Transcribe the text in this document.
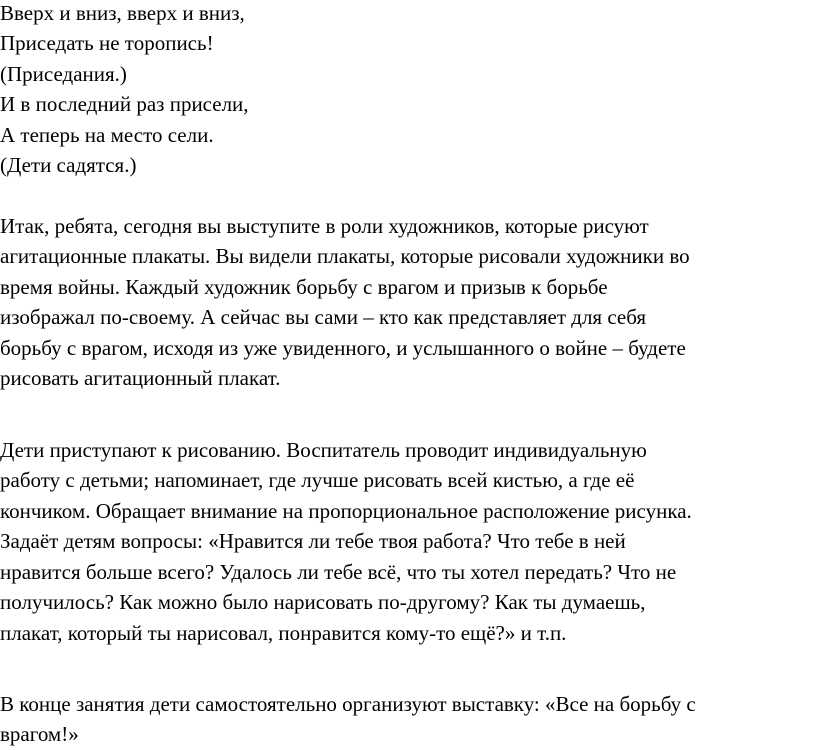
Вверх и вниз, вверх и вниз,
Приседать не торопись!
(Приседания.)
И в последний раз присели,
А теперь на место сели.
(Дети садятся.)
Итак, ребята, сегодня вы выступите в роли художников, которые рисуют
агитационные плакаты. Вы видели плакаты, которые рисовали художники во
время войны. Каждый художник борьбу с врагом и призыв к борьбе
изображал по-своему. А сейчас вы сами – кто как представляет для себя
борьбу с врагом, исходя из уже увиденного, и услышанного о войне – будете
рисовать агитационный плакат.
Дети приступают к рисованию. Воспитатель проводит индивидуальную
работу с детьми; напоминает, где лучше рисовать всей кистью, а где её
кончиком. Обращает внимание на пропорциональное расположение рисунка.
Задаёт детям вопросы: «Нравится ли тебе твоя работа? Что тебе в ней
нравится больше всего? Удалось ли тебе всё, что ты хотел передать? Что не
получилось? Как можно было нарисовать по-другому? Как ты думаешь,
плакат, который ты нарисовал, понравится кому-то ещё?» и т.п.
В конце занятия дети самостоятельно организуют выставку: «Все на борьбу с
врагом!»
